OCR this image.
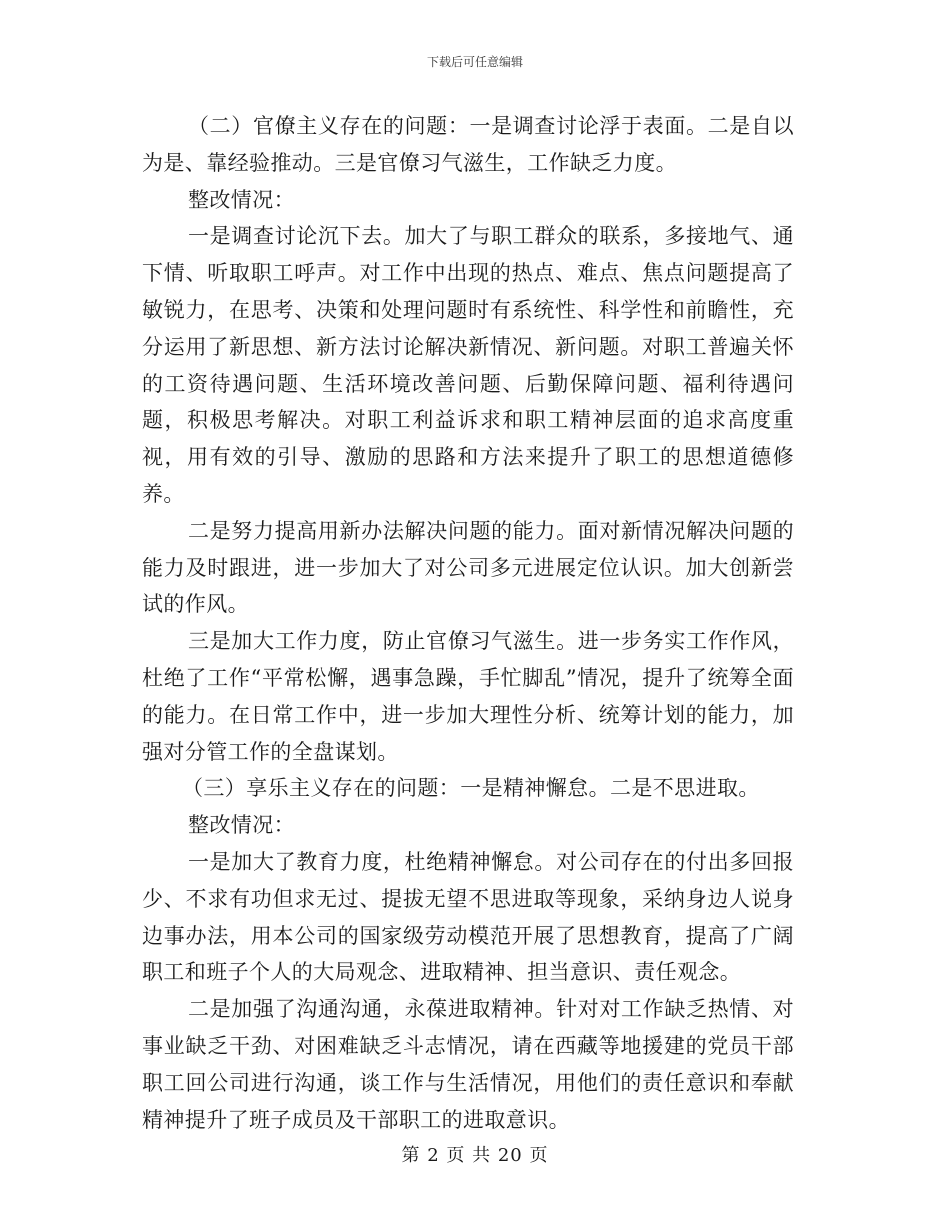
下载后可任意编辑

（二）官僚主义存在的问题：一是调查讨论浮于表面。二是自以为是、靠经验推动。三是官僚习气滋生，工作缺乏力度。

整改情况：

一是调查讨论沉下去。加大了与职工群众的联系，多接地气、通下情、听取职工呼声。对工作中出现的热点、难点、焦点问题提高了敏锐力，在思考、决策和处理问题时有系统性、科学性和前瞻性，充分运用了新思想、新方法讨论解决新情况、新问题。对职工普遍关怀的工资待遇问题、生活环境改善问题、后勤保障问题、福利待遇问题，积极思考解决。对职工利益诉求和职工精神层面的追求高度重视，用有效的引导、激励的思路和方法来提升了职工的思想道德修养。

二是努力提高用新办法解决问题的能力。面对新情况解决问题的能力及时跟进，进一步加大了对公司多元进展定位认识。加大创新尝试的作风。

三是加大工作力度，防止官僚习气滋生。进一步务实工作作风，杜绝了工作“平常松懈，遇事急躁，手忙脚乱”情况，提升了统筹全面的能力。在日常工作中，进一步加大理性分析、统筹计划的能力，加强对分管工作的全盘谋划。

（三）享乐主义存在的问题：一是精神懈怠。二是不思进取。

整改情况：

一是加大了教育力度，杜绝精神懈怠。对公司存在的付出多回报少、不求有功但求无过、提拔无望不思进取等现象，采纳身边人说身边事办法，用本公司的国家级劳动模范开展了思想教育，提高了广阔职工和班子个人的大局观念、进取精神、担当意识、责任观念。

二是加强了沟通沟通，永葆进取精神。针对对工作缺乏热情、对事业缺乏干劲、对困难缺乏斗志情况，请在西藏等地援建的党员干部职工回公司进行沟通，谈工作与生活情况，用他们的责任意识和奉献精神提升了班子成员及干部职工的进取意识。

第 2 页 共 20 页
